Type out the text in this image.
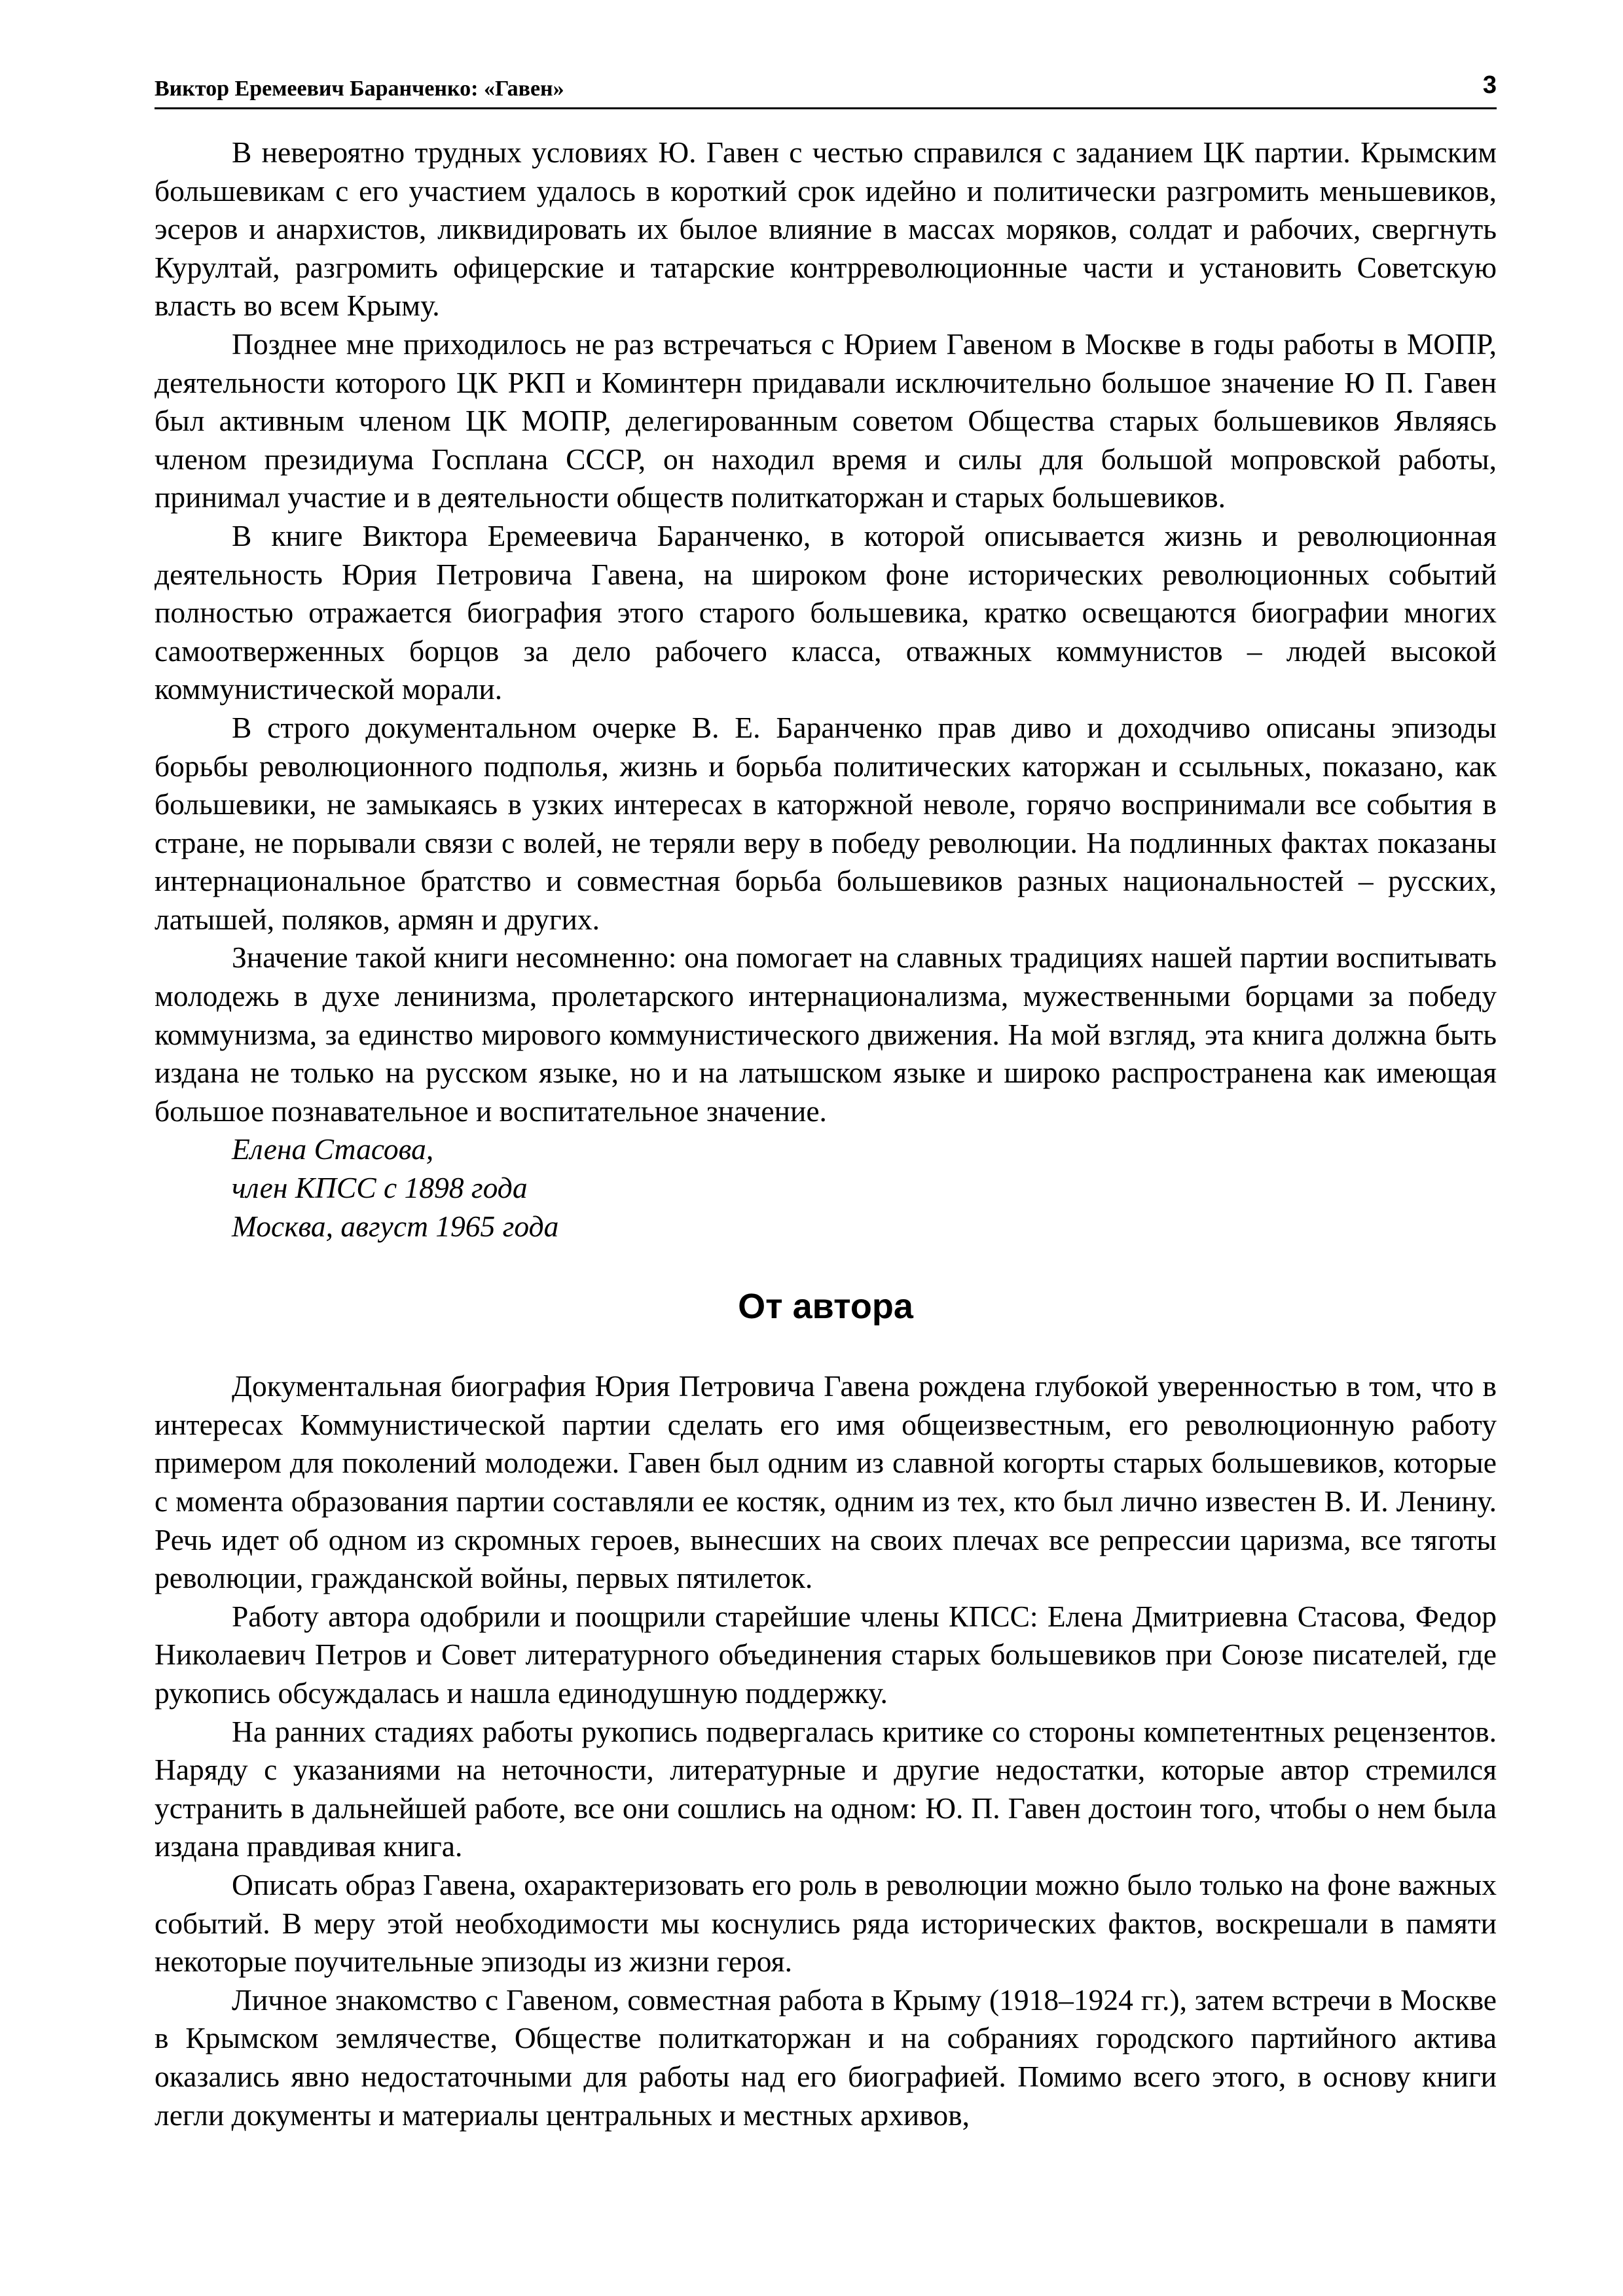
Виктор Еремеевич Баранченко: «Гавен»	3

В невероятно трудных условиях Ю. Гавен с честью справился с заданием ЦК партии. Крымским большевикам с его участием удалось в короткий срок идейно и политически разгромить меньшевиков, эсеров и анархистов, ликвидировать их былое влияние в массах моряков, солдат и рабочих, свергнуть Курултай, разгромить офицерские и татарские контрреволюционные части и установить Советскую власть во всем Крыму.

Позднее мне приходилось не раз встречаться с Юрием Гавеном в Москве в годы работы в МОПР, деятельности которого ЦК РКП и Коминтерн придавали исключительно большое значение Ю П. Гавен был активным членом ЦК МОПР, делегированным советом Общества старых большевиков Являясь членом президиума Госплана СССР, он находил время и силы для большой мопровской работы, принимал участие и в деятельности обществ политкаторжан и старых большевиков.

В книге Виктора Еремеевича Баранченко, в которой описывается жизнь и революционная деятельность Юрия Петровича Гавена, на широком фоне исторических революционных событий полностью отражается биография этого старого большевика, кратко освещаются биографии многих самоотверженных борцов за дело рабочего класса, отважных коммунистов – людей высокой коммунистической морали.

В строго документальном очерке В. Е. Баранченко прав диво и доходчиво описаны эпизоды борьбы революционного подполья, жизнь и борьба политических каторжан и ссыльных, показано, как большевики, не замыкаясь в узких интересах в каторжной неволе, горячо воспринимали все события в стране, не порывали связи с волей, не теряли веру в победу революции. На подлинных фактах показаны интернациональное братство и совместная борьба большевиков разных национальностей – русских, латышей, поляков, армян и других.

Значение такой книги несомненно: она помогает на славных традициях нашей партии воспитывать молодежь в духе ленинизма, пролетарского интернационализма, мужественными борцами за победу коммунизма, за единство мирового коммунистического движения. На мой взгляд, эта книга должна быть издана не только на русском языке, но и на латышском языке и широко распространена как имеющая большое познавательное и воспитательное значение.

Елена Стасова,

член КПСС с 1898 года

Москва, август 1965 года

От автора

Документальная биография Юрия Петровича Гавена рождена глубокой уверенностью в том, что в интересах Коммунистической партии сделать его имя общеизвестным, его революционную работу примером для поколений молодежи. Гавен был одним из славной когорты старых большевиков, которые с момента образования партии составляли ее костяк, одним из тех, кто был лично известен В. И. Ленину. Речь идет об одном из скромных героев, вынесших на своих плечах все репрессии царизма, все тяготы революции, гражданской войны, первых пятилеток.

Работу автора одобрили и поощрили старейшие члены КПСС: Елена Дмитриевна Стасова, Федор Николаевич Петров и Совет литературного объединения старых большевиков при Союзе писателей, где рукопись обсуждалась и нашла единодушную поддержку.

На ранних стадиях работы рукопись подвергалась критике со стороны компетентных рецензентов. Наряду с указаниями на неточности, литературные и другие недостатки, которые автор стремился устранить в дальнейшей работе, все они сошлись на одном: Ю. П. Гавен достоин того, чтобы о нем была издана правдивая книга.

Описать образ Гавена, охарактеризовать его роль в революции можно было только на фоне важных событий. В меру этой необходимости мы коснулись ряда исторических фактов, воскрешали в памяти некоторые поучительные эпизоды из жизни героя.

Личное знакомство с Гавеном, совместная работа в Крыму (1918–1924 гг.), затем встречи в Москве в Крымском землячестве, Обществе политкаторжан и на собраниях городского партийного актива оказались явно недостаточными для работы над его биографией. Помимо всего этого, в основу книги легли документы и материалы центральных и местных архивов,
